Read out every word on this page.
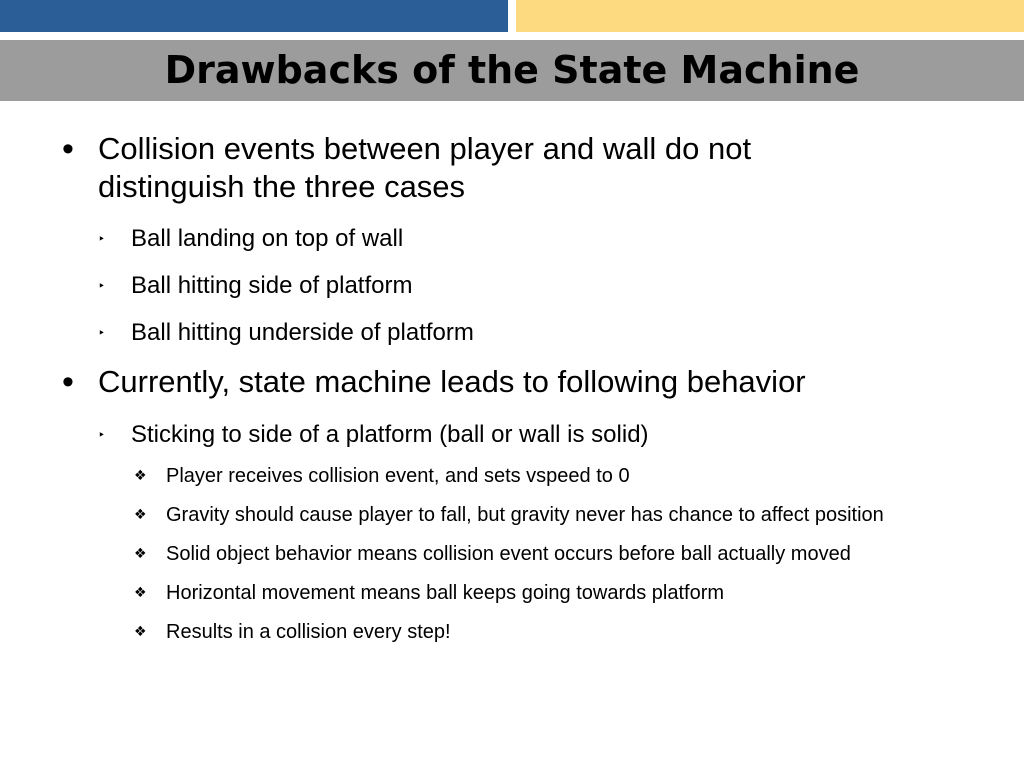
Drawbacks of the State Machine
• Collision events between player and wall do not
distinguish the three cases
‣ Ball landing on top of wall
‣ Ball hitting side of platform
‣ Ball hitting underside of platform
• Currently, state machine leads to following behavior
‣ Sticking to side of a platform (ball or wall is solid)
❖ Player receives collision event, and sets vspeed to 0
❖ Gravity should cause player to fall, but gravity never has chance to affect position
❖ Solid object behavior means collision event occurs before ball actually moved
❖ Horizontal movement means ball keeps going towards platform
❖ Results in a collision every step!
